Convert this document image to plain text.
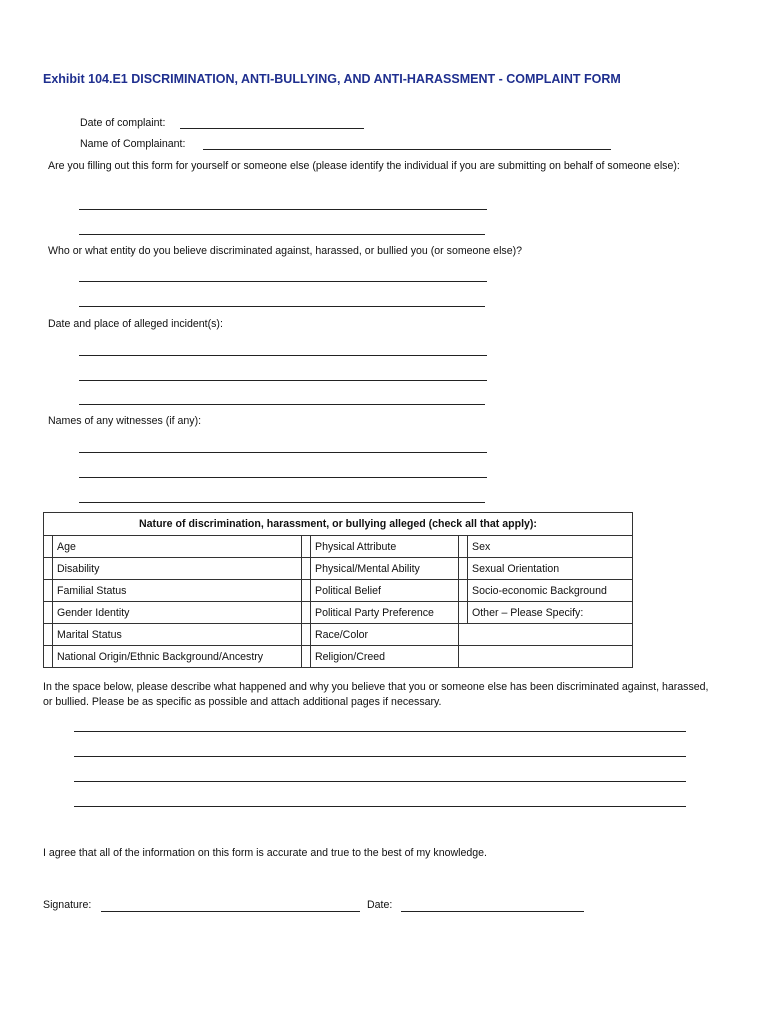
Exhibit 104.E1 DISCRIMINATION, ANTI-BULLYING, AND ANTI-HARASSMENT - COMPLAINT FORM
Date of complaint:
Name of Complainant:
Are you filling out this form for yourself or someone else (please identify the individual if you are submitting on behalf of someone else):
Who or what entity do you believe discriminated against, harassed, or bullied you (or someone else)?
Date and place of alleged incident(s):
Names of any witnesses (if any):
Nature of discrimination, harassment, or bullying alleged (check all that apply):					
	Age		Physical Attribute		Sex
	Disability		Physical/Mental Ability		Sexual Orientation
	Familial Status		Political Belief		Socio-economic Background
	Gender Identity		Political Party Preference		Other – Please Specify:
	Marital Status		Race/Color		
	National Origin/Ethnic Background/Ancestry		Religion/Creed		
In the space below, please describe what happened and why you believe that you or someone else has been discriminated against, harassed, or bullied. Please be as specific as possible and attach additional pages if necessary.
I agree that all of the information on this form is accurate and true to the best of my knowledge.
Signature:	Date:
